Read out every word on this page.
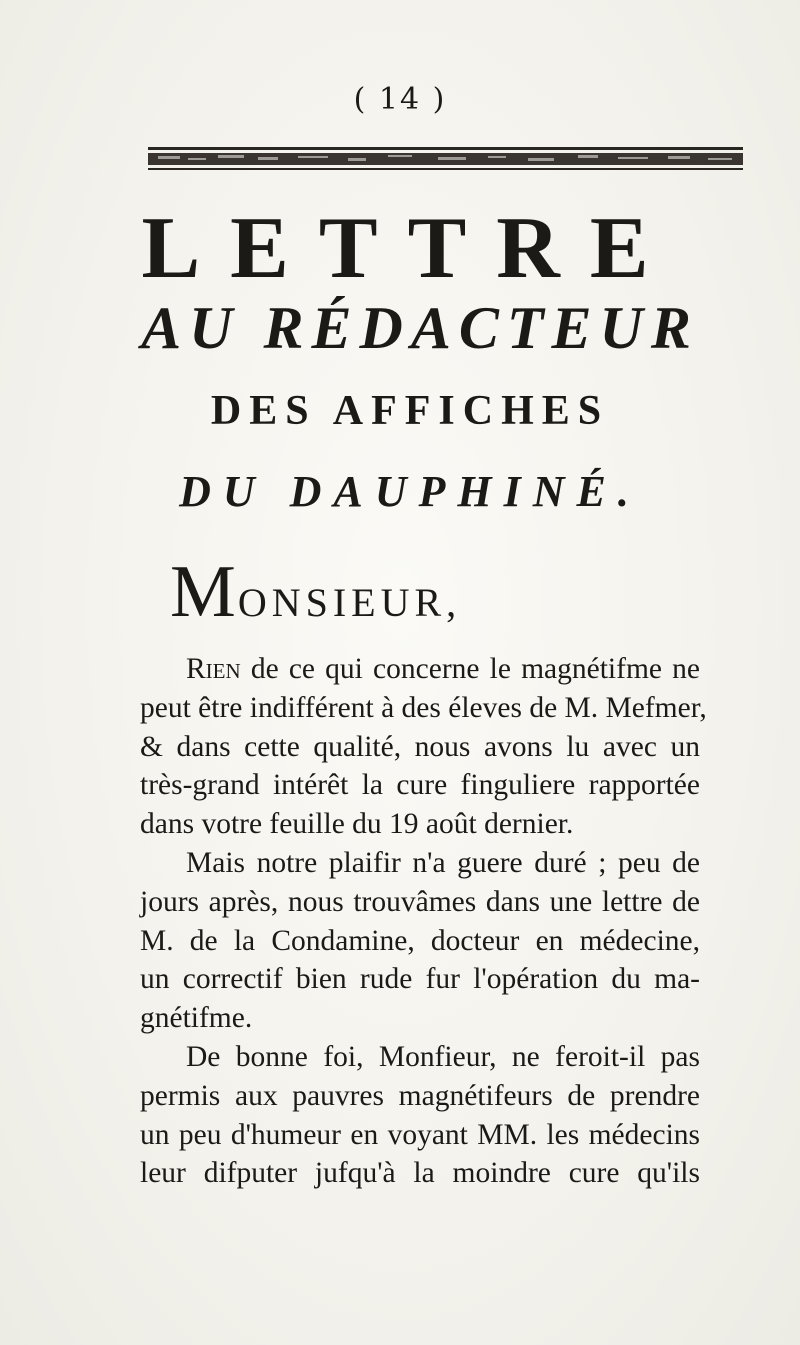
( 14 )
LETTRE
AU RÉDACTEUR
DES AFFICHES
DU DAUPHINÉ.
MONSIEUR,
Rien de ce qui concerne le magnétifme ne
peut être indifférent à des éleves de M. Mefmer,
& dans cette qualité, nous avons lu avec un
très-grand intérêt la cure finguliere rapportée
dans votre feuille du 19 août dernier.
Mais notre plaifir n'a guere duré ; peu de
jours après, nous trouvâmes dans une lettre de
M. de la Condamine, docteur en médecine,
un correctif bien rude fur l'opération du ma-
gnétifme.
De bonne foi, Monfieur, ne feroit-il pas
permis aux pauvres magnétifeurs de prendre
un peu d'humeur en voyant MM. les médecins
leur difputer jufqu'à la moindre cure qu'ils
